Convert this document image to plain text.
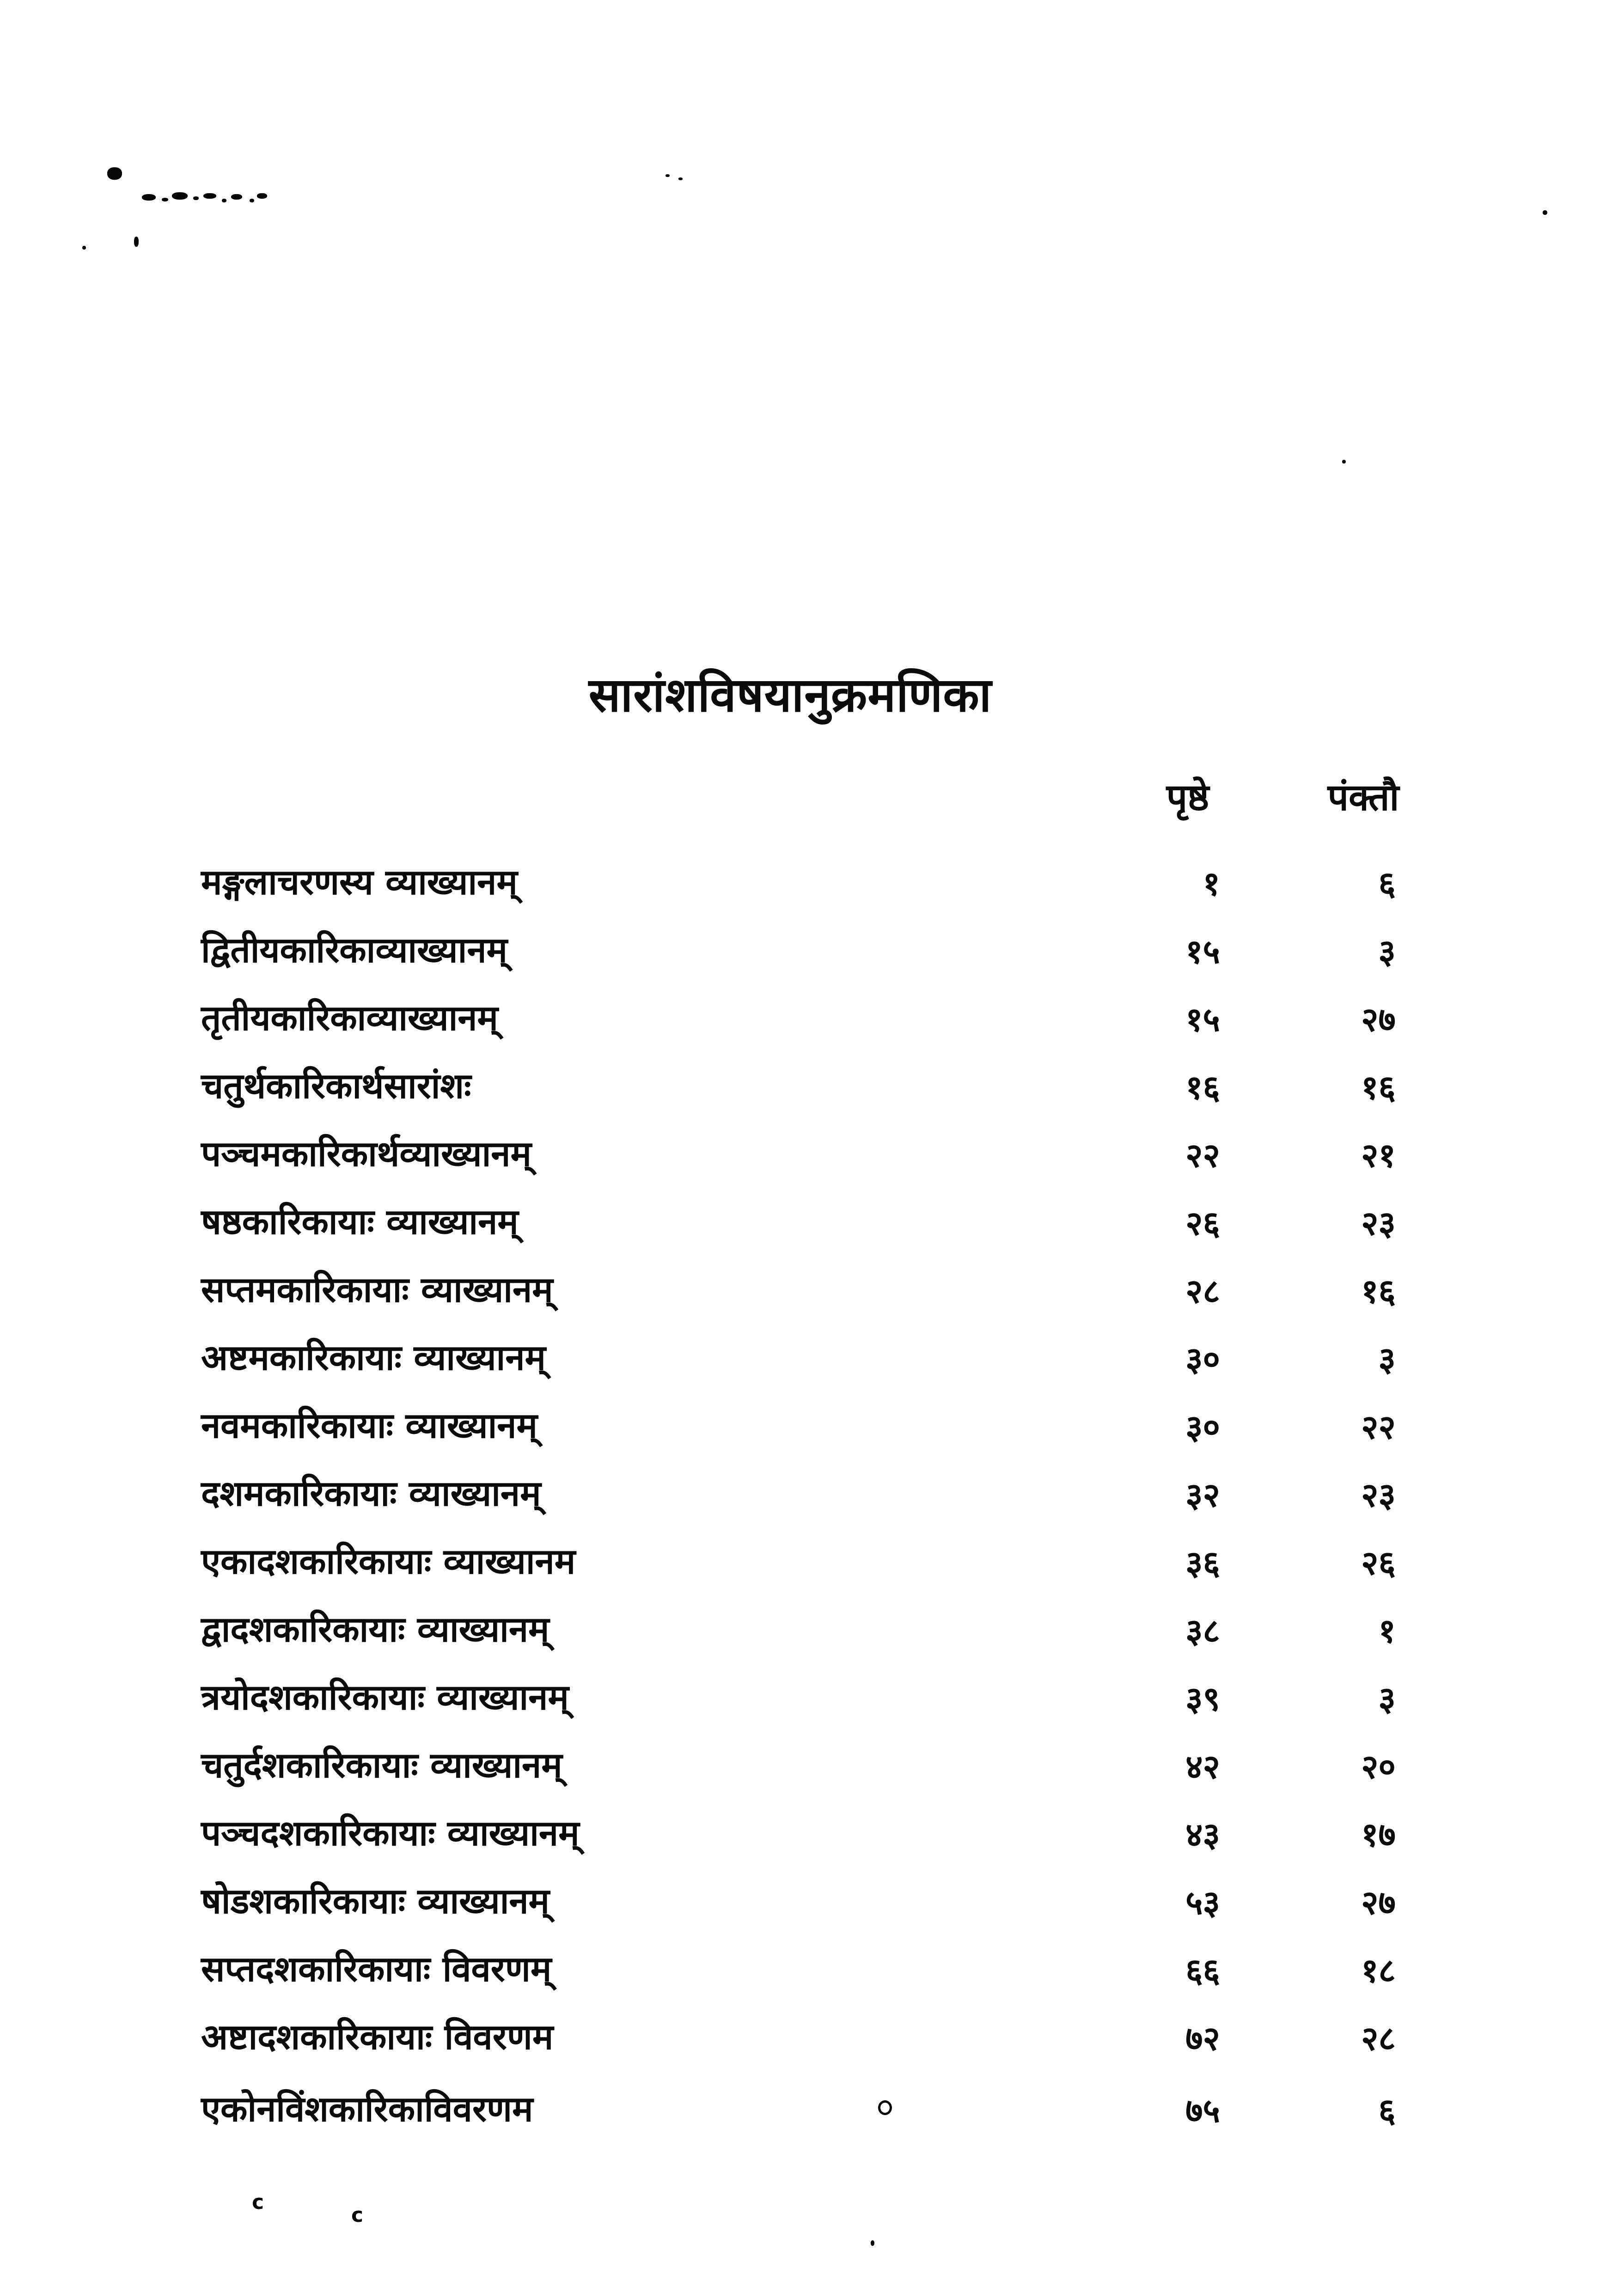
सारांशविषयानुक्रमणिका
पृष्ठे	पंक्तौ
मङ्गलाचरणस्य व्याख्यानम्	१	६
द्वितीयकारिकाव्याख्यानम्	१५	३
तृतीयकारिकाव्याख्यानम्	१५	२७
चतुर्थकारिकार्थसारांशः	१६	१६
पञ्चमकारिकार्थव्याख्यानम्	२२	२१
षष्ठकारिकायाः व्याख्यानम्	२६	२३
सप्तमकारिकायाः व्याख्यानम्	२८	१६
अष्टमकारिकायाः व्याख्यानम्	३०	३
नवमकारिकायाः व्याख्यानम्	३०	२२
दशमकारिकायाः व्याख्यानम्	३२	२३
एकादशकारिकायाः व्याख्यानम	३६	२६
द्वादशकारिकायाः व्याख्यानम्	३८	१
त्रयोदशकारिकायाः व्याख्यानम्	३९	३
चतुर्दशकारिकायाः व्याख्यानम्	४२	२०
पञ्चदशकारिकायाः व्याख्यानम्	४३	१७
षोडशकारिकायाः व्याख्यानम्	५३	२७
सप्तदशकारिकायाः विवरणम्	६६	१८
अष्टादशकारिकायाः विवरणम	७२	२८
एकोनविंशकारिकाविवरणम	७५	६
c
c
